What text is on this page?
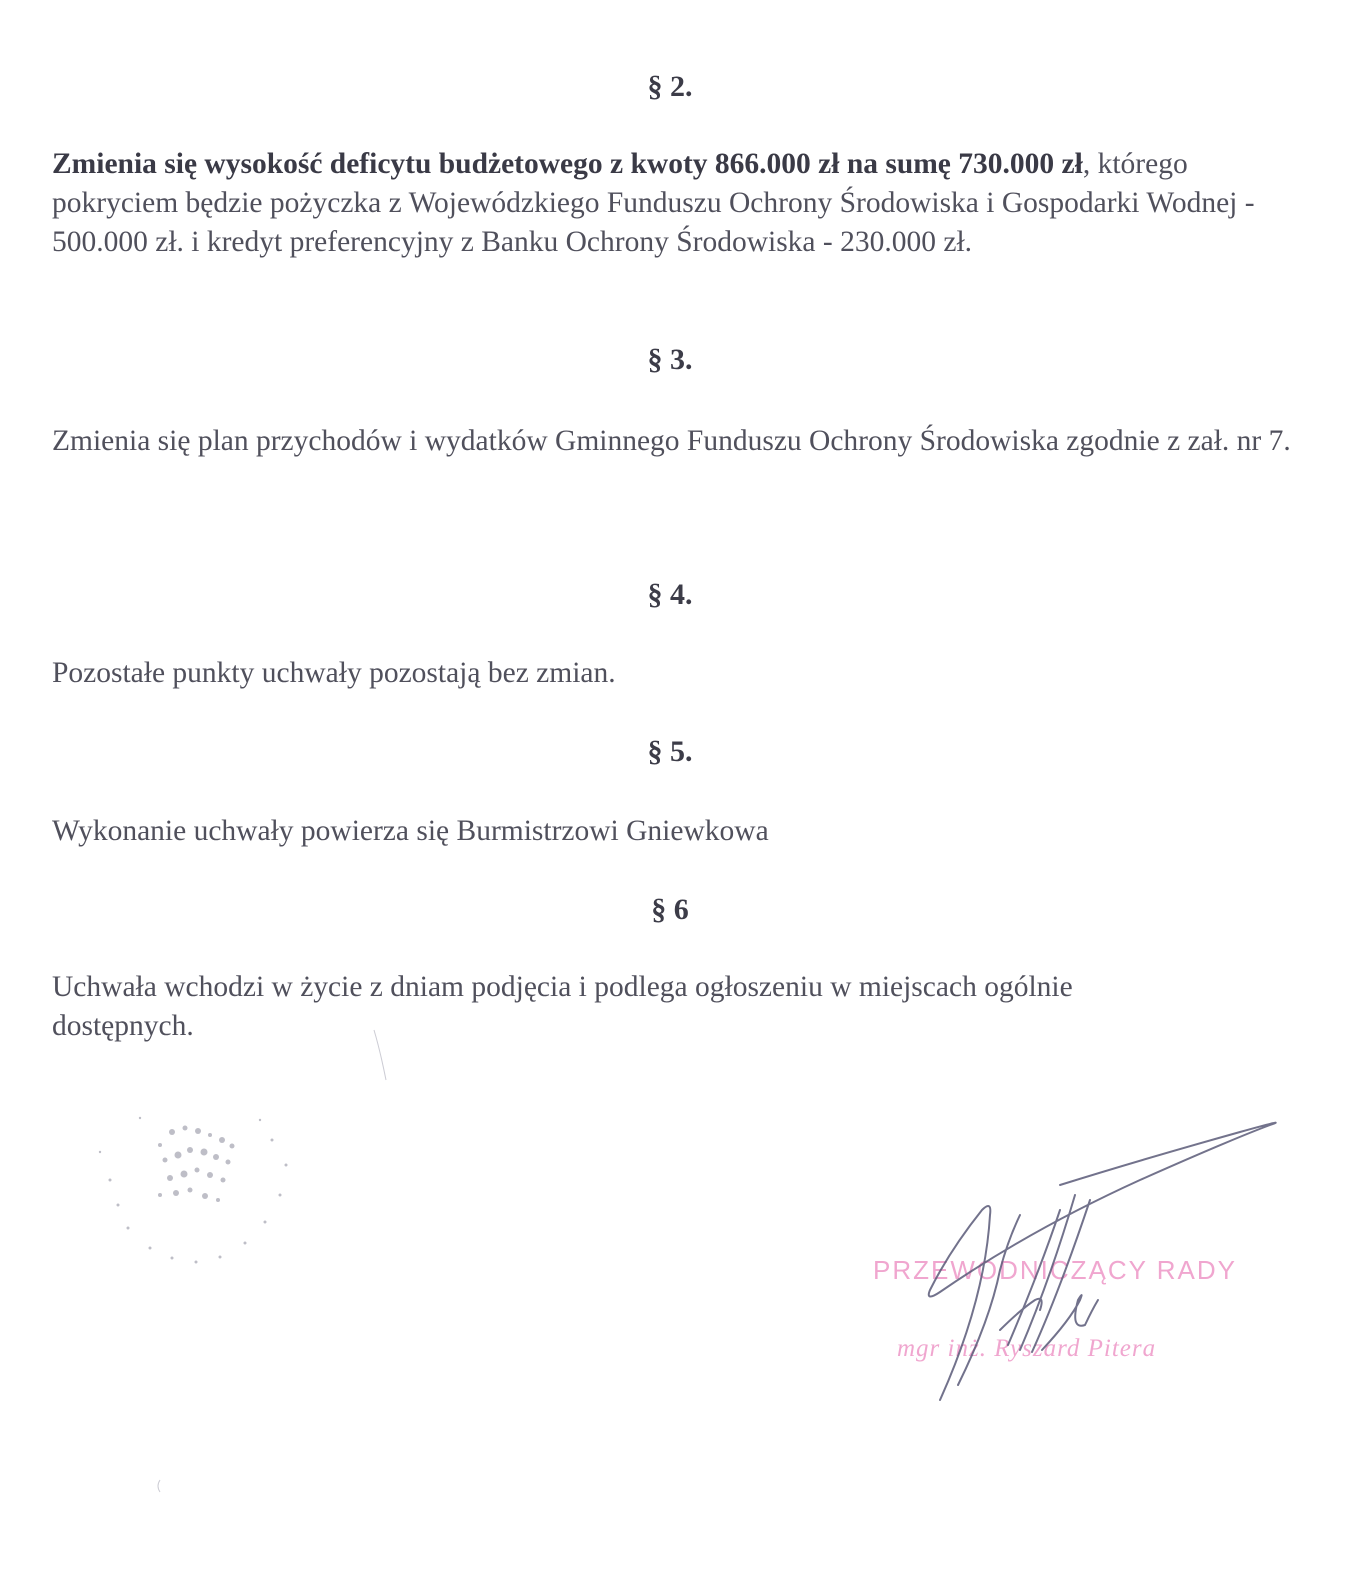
§ 2.
Zmienia się wysokość deficytu budżetowego z kwoty 866.000 zł na sumę 730.000 zł, którego pokryciem będzie pożyczka z Wojewódzkiego Funduszu Ochrony Środowiska i Gospodarki Wodnej - 500.000 zł. i kredyt preferencyjny z Banku Ochrony Środowiska - 230.000 zł.
§ 3.
Zmienia się plan przychodów i wydatków Gminnego Funduszu Ochrony Środowiska zgodnie z zał. nr 7.
§ 4.
Pozostałe punkty uchwały pozostają bez zmian.
§ 5.
Wykonanie uchwały powierza się Burmistrzowi Gniewkowa
§ 6
Uchwała wchodzi w życie z dniam podjęcia i podlega ogłoszeniu w miejscach ogólnie dostępnych.
PRZEWODNICZĄCY RADY
mgr inż. Ryszard Pitera
